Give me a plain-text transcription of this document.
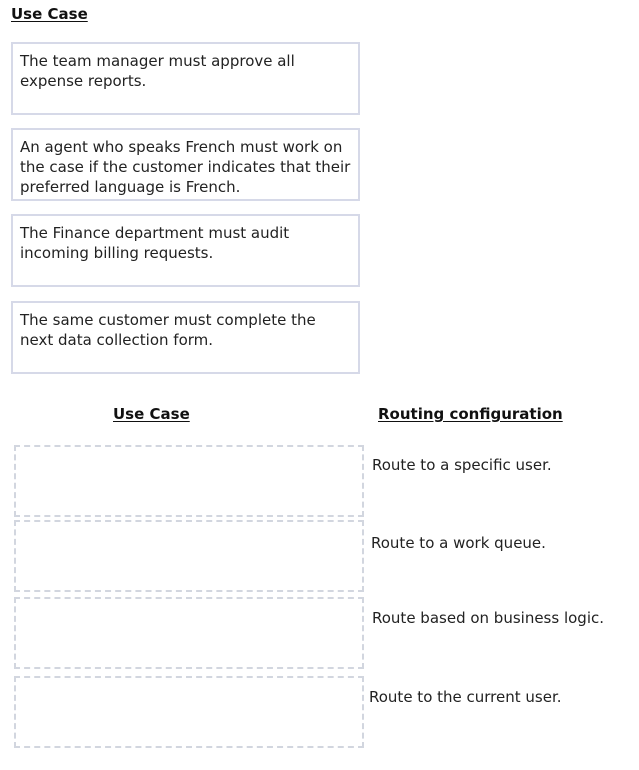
Use Case
The team manager must approve all expense reports.
An agent who speaks French must work on the case if the customer indicates that their preferred language is French.
The Finance department must audit incoming billing requests.
The same customer must complete the next data collection form.
Use Case	Routing configuration
Route to a specific user.
Route to a work queue.
Route based on business logic.
Route to the current user.
